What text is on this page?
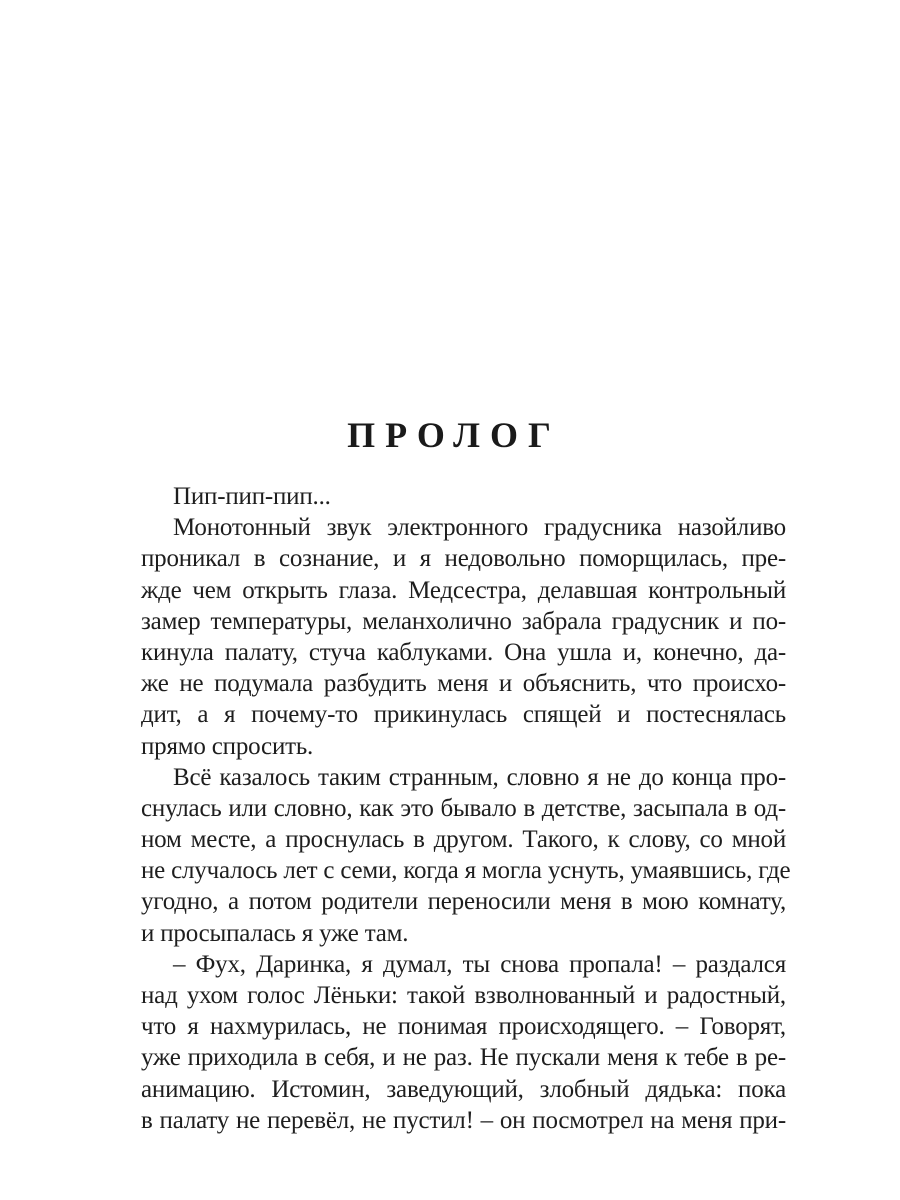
ПРОЛОГ
Пип-пип-пип...
Монотонный звук электронного градусника назойливо
проникал в сознание, и я недовольно поморщилась, пре-
жде чем открыть глаза. Медсестра, делавшая контрольный
замер температуры, меланхолично забрала градусник и по-
кинула палату, стуча каблуками. Она ушла и, конечно, да-
же не подумала разбудить меня и объяснить, что происхо-
дит, а я почему-то прикинулась спящей и постеснялась
прямо спросить.
Всё казалось таким странным, словно я не до конца про-
снулась или словно, как это бывало в детстве, засыпала в од-
ном месте, а проснулась в другом. Такого, к слову, со мной
не случалось лет с семи, когда я могла уснуть, умаявшись, где
угодно, а потом родители переносили меня в мою комнату,
и просыпалась я уже там.
– Фух, Даринка, я думал, ты снова пропала! – раздался
над ухом голос Лёньки: такой взволнованный и радостный,
что я нахмурилась, не понимая происходящего. – Говорят,
уже приходила в себя, и не раз. Не пускали меня к тебе в ре-
анимацию. Истомин, заведующий, злобный дядька: пока
в палату не перевёл, не пустил! – он посмотрел на меня при-
